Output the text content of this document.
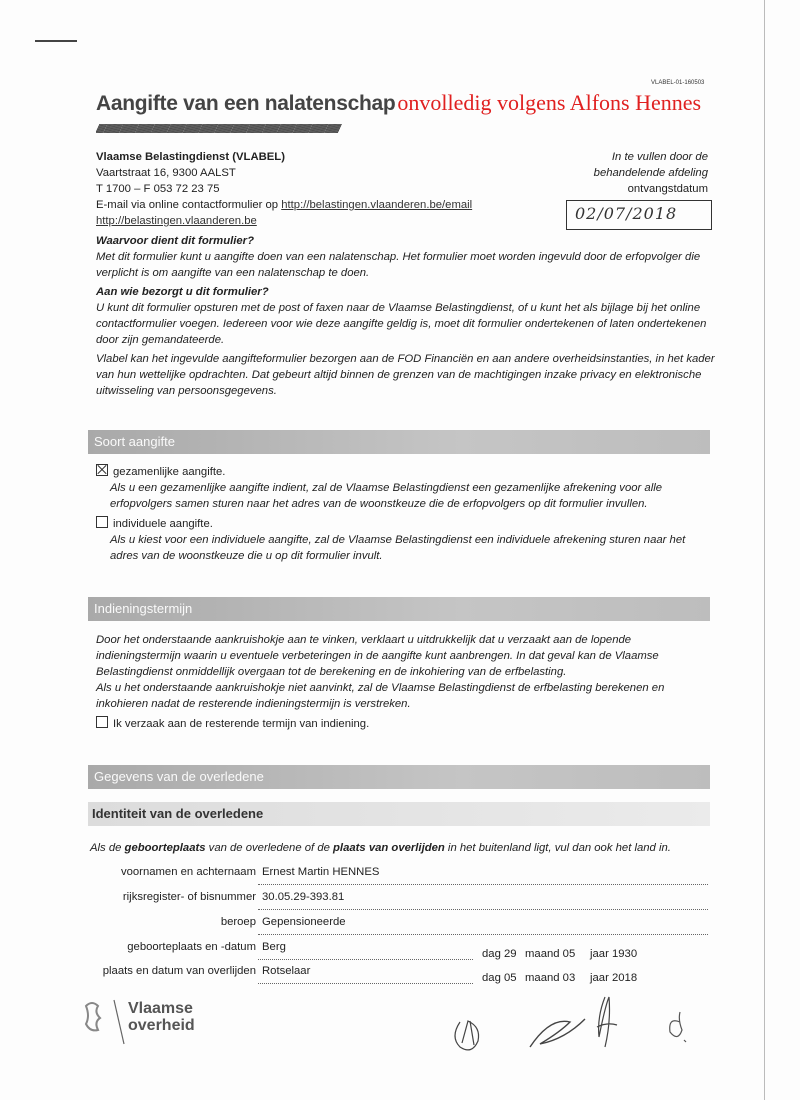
VLABEL-01-160503
Aangifte van een nalatenschap onvolledig volgens Alfons Hennes
//////////////////////////////////////////////////////////////////////////////////////////////////////////////////////////////////////////////////////////////////////////////////////////////////////////////////////
Vlaamse Belastingdienst (VLABEL)
Vaartstraat 16, 9300 AALST
T 1700 – F 053 72 23 75
E-mail via online contactformulier op http://belastingen.vlaanderen.be/email
http://belastingen.vlaanderen.be
In te vullen door de
behandelende afdeling
ontvangstdatum
02/07/2018
Waarvoor dient dit formulier?
Met dit formulier kunt u aangifte doen van een nalatenschap. Het formulier moet worden ingevuld door de erfopvolger die verplicht is om aangifte van een nalatenschap te doen.
Aan wie bezorgt u dit formulier?
U kunt dit formulier opsturen met de post of faxen naar de Vlaamse Belastingdienst, of u kunt het als bijlage bij het online contactformulier voegen. Iedereen voor wie deze aangifte geldig is, moet dit formulier ondertekenen of laten ondertekenen door zijn gemandateerde.
Vlabel kan het ingevulde aangifteformulier bezorgen aan de FOD Financiën en aan andere overheidsinstanties, in het kader van hun wettelijke opdrachten. Dat gebeurt altijd binnen de grenzen van de machtigingen inzake privacy en elektronische uitwisseling van persoonsgegevens.
Soort aangifte
gezamenlijke aangifte.
Als u een gezamenlijke aangifte indient, zal de Vlaamse Belastingdienst een gezamenlijke afrekening voor alle erfopvolgers samen sturen naar het adres van de woonstkeuze die de erfopvolgers op dit formulier invullen.
individuele aangifte.
Als u kiest voor een individuele aangifte, zal de Vlaamse Belastingdienst een individuele afrekening sturen naar het adres van de woonstkeuze die u op dit formulier invult.
Indieningstermijn
Door het onderstaande aankruishokje aan te vinken, verklaart u uitdrukkelijk dat u verzaakt aan de lopende indieningstermijn waarin u eventuele verbeteringen in de aangifte kunt aanbrengen. In dat geval kan de Vlaamse Belastingdienst onmiddellijk overgaan tot de berekening en de inkohiering van de erfbelasting.
Als u het onderstaande aankruishokje niet aanvinkt, zal de Vlaamse Belastingdienst de erfbelasting berekenen en inkohieren nadat de resterende indieningstermijn is verstreken.
Ik verzaak aan de resterende termijn van indiening.
Gegevens van de overledene
Identiteit van de overledene
Als de geboorteplaats van de overledene of de plaats van overlijden in het buitenland ligt, vul dan ook het land in.
voornamen en achternaam Ernest Martin HENNES
rijksregister- of bisnummer 30.05.29-393.81
beroep Gepensioneerde
geboorteplaats en -datum Berg
dag 29 maand 05 jaar 1930
plaats en datum van overlijden Rotselaar
dag 05 maand 03 jaar 2018
Vlaamse
overheid
